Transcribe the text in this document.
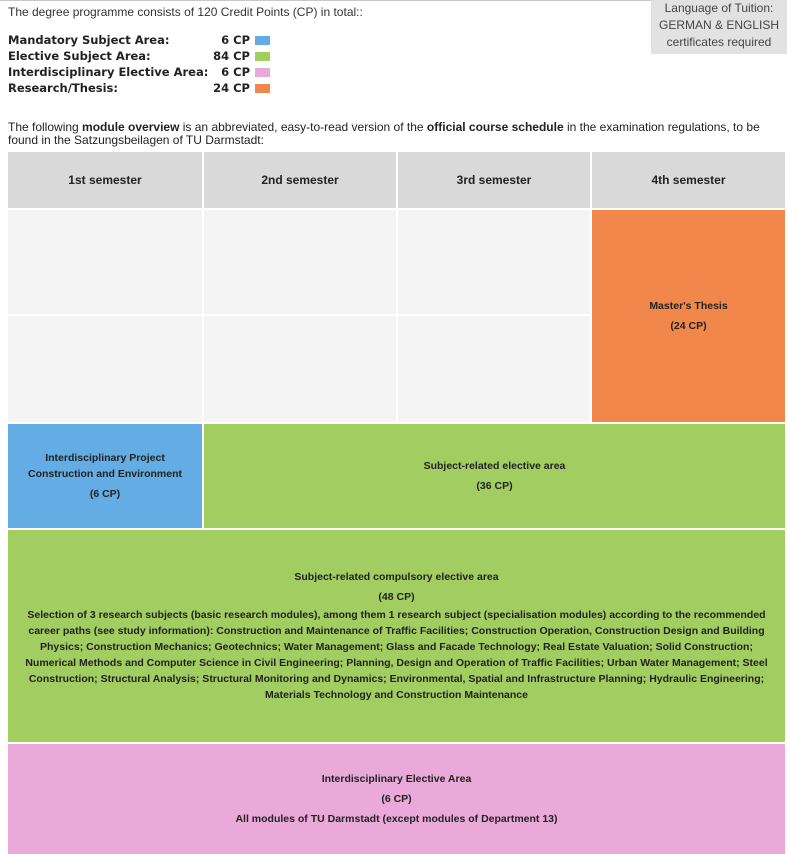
The degree programme consists of 120 Credit Points (CP) in total::	Language of Tuition:
GERMAN & ENGLISH
certificates required
Mandatory Subject Area:	6 CP
Elective Subject Area:	84 CP
Interdisciplinary Elective Area: 6 CP
Research/Thesis:	24 CP
The following module overview is an abbreviated, easy-to-read version of the official course schedule in the examination regulations, to be found in the Satzungsbeilagen of TU Darmstadt:
1st semester	2nd semester	3rd semester	4th semester
Master's Thesis
(24 CP)
Interdisciplinary Project
Construction and Environment
(6 CP)
Subject-related elective area
(36 CP)
Subject-related compulsory elective area
(48 CP)
Selection of 3 research subjects (basic research modules), among them 1 research subject (specialisation modules) according to the recommended career paths (see study information): Construction and Maintenance of Traffic Facilities; Construction Operation, Construction Design and Building Physics; Construction Mechanics; Geotechnics; Water Management; Glass and Facade Technology; Real Estate Valuation; Solid Construction; Numerical Methods and Computer Science in Civil Engineering; Planning, Design and Operation of Traffic Facilities; Urban Water Management; Steel Construction; Structural Analysis; Structural Monitoring and Dynamics; Environmental, Spatial and Infrastructure Planning; Hydraulic Engineering; Materials Technology and Construction Maintenance
Interdisciplinary Elective Area
(6 CP)
All modules of TU Darmstadt (except modules of Department 13)
